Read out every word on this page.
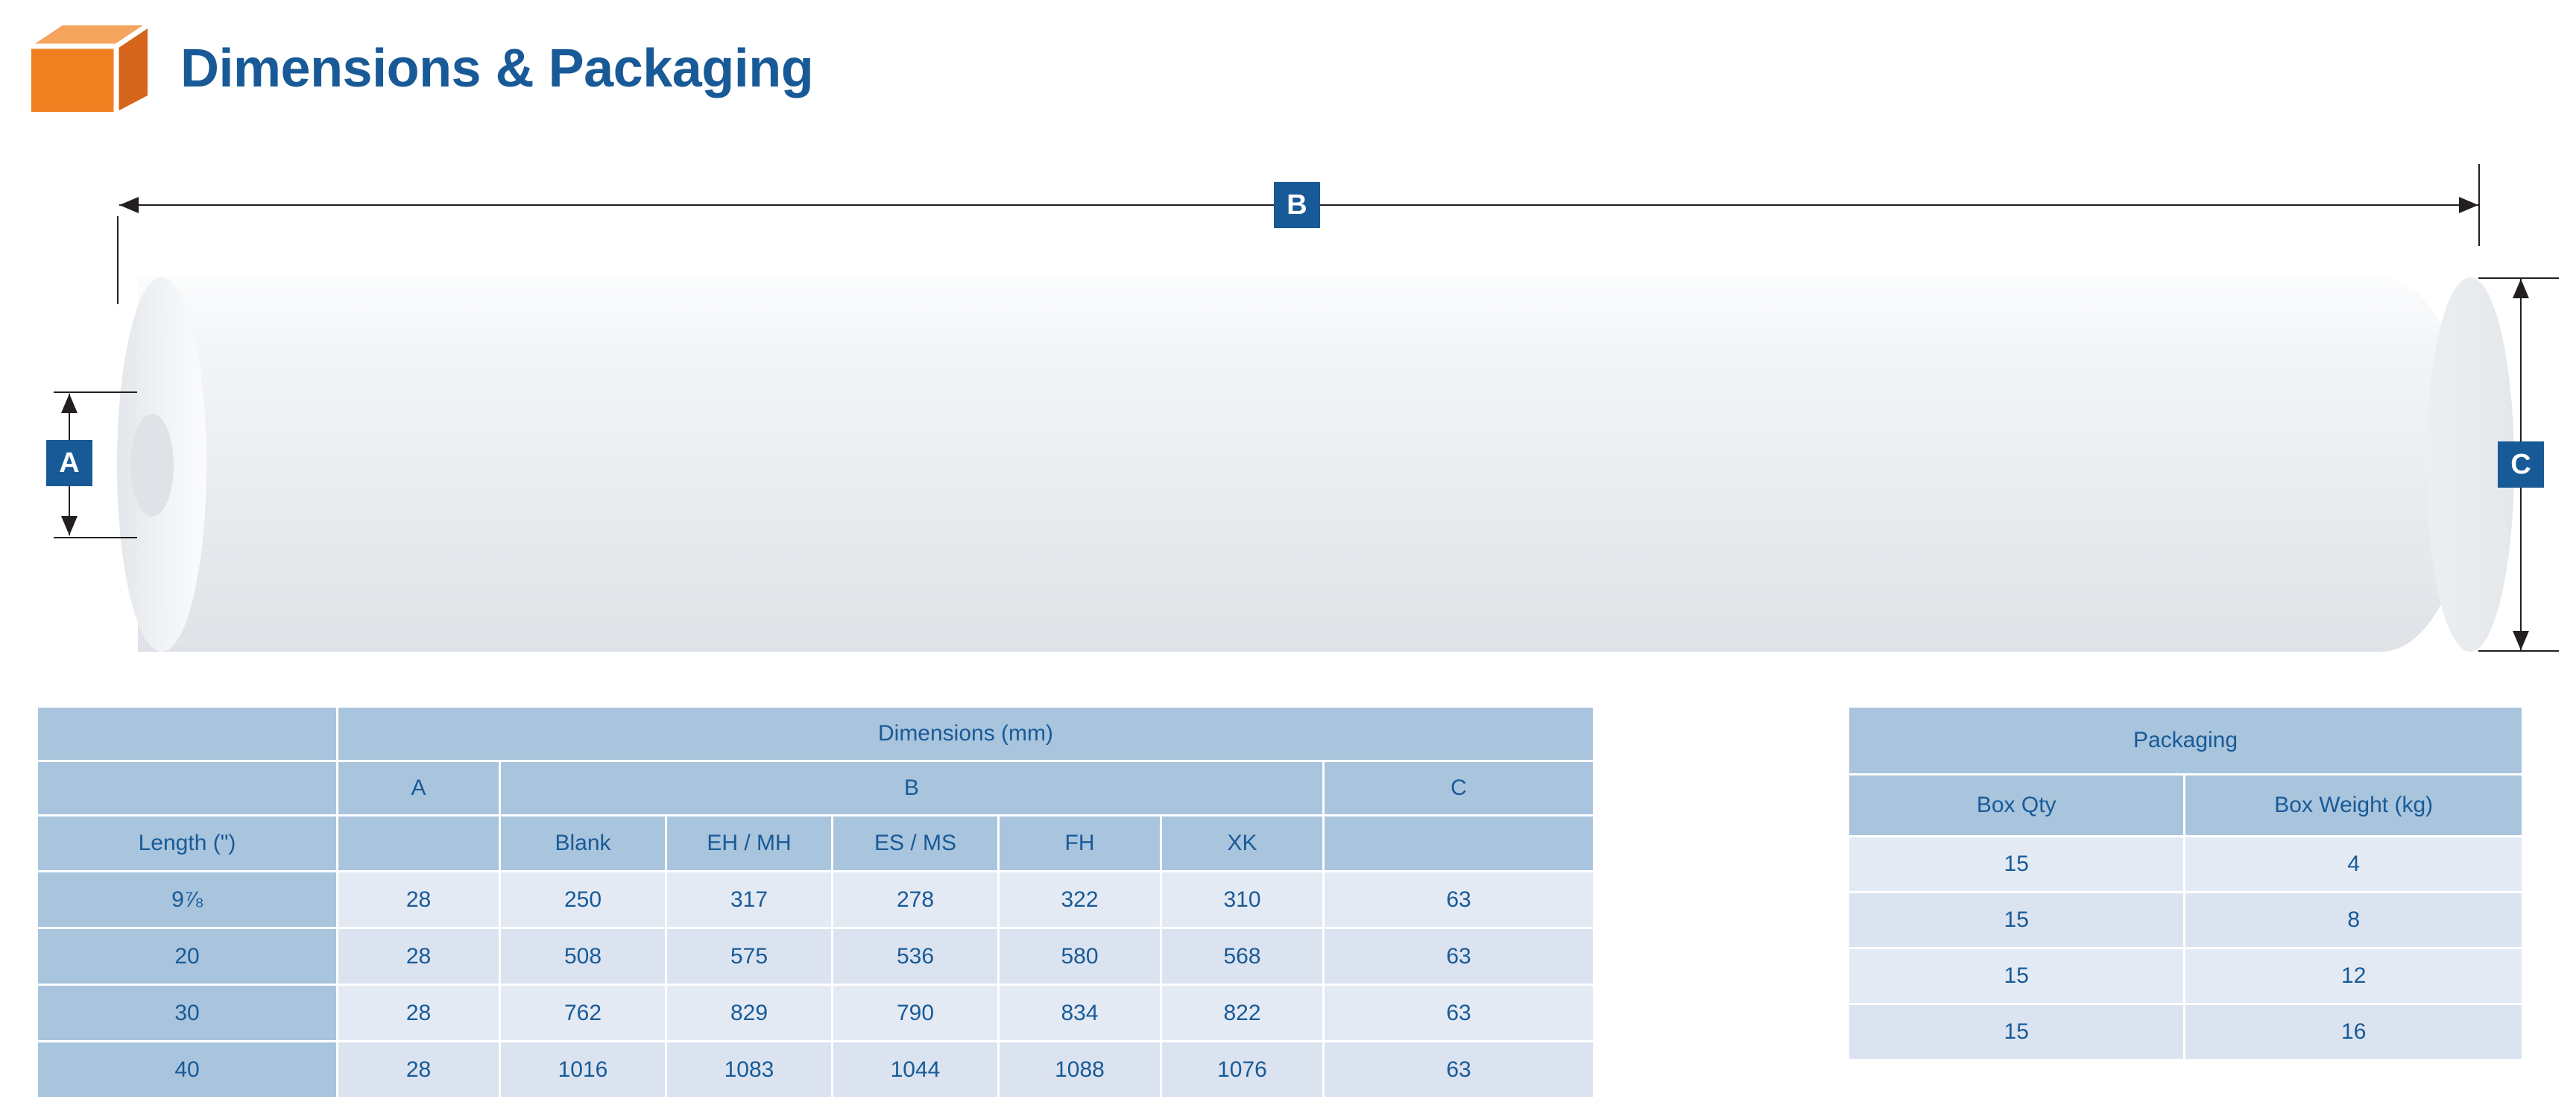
Dimensions & Packaging
B
A	C
	Dimensions (mm)						
	A	B					C
Length (")		Blank	EH / MH	ES / MS	FH	XK	
9⅞	28	250	317	278	322	310	63
20	28	508	575	536	580	568	63
30	28	762	829	790	834	822	63
40	28	1016	1083	1044	1088	1076	63
Packaging	
Box Qty	Box Weight (kg)
15	4
15	8
15	12
15	16
